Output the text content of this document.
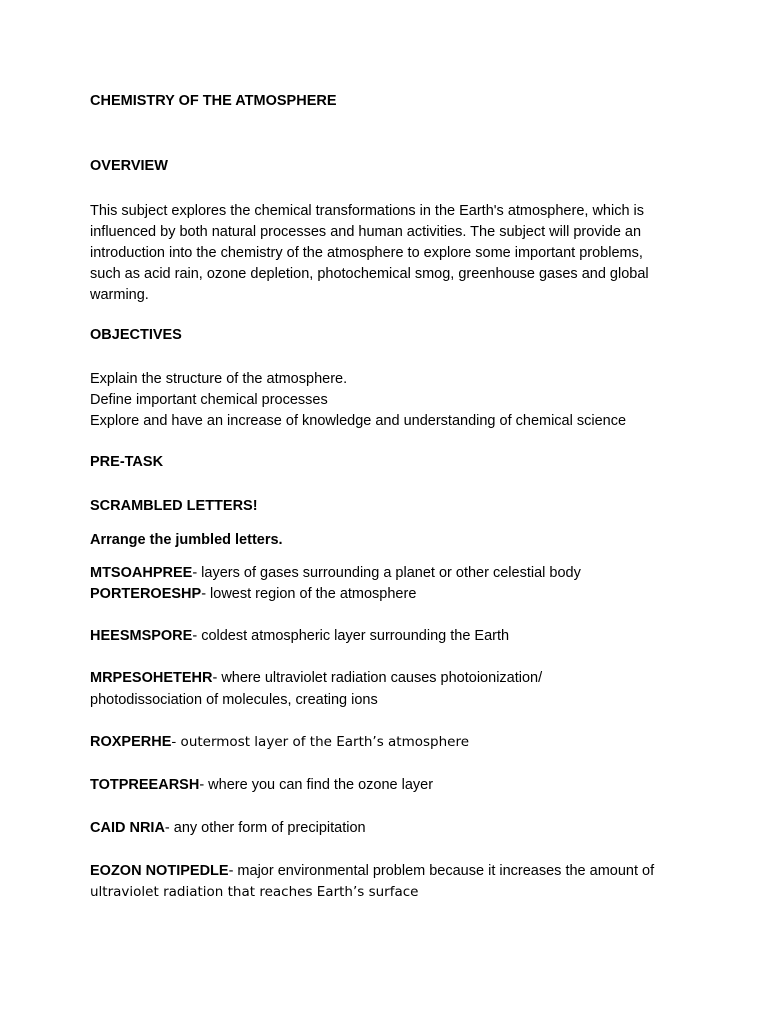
CHEMISTRY OF THE ATMOSPHERE
OVERVIEW
This subject explores the chemical transformations in the Earth's atmosphere, which is
influenced by both natural processes and human activities. The subject will provide an
introduction into the chemistry of the atmosphere to explore some important problems,
such as acid rain, ozone depletion, photochemical smog, greenhouse gases and global
warming.
OBJECTIVES
Explain the structure of the atmosphere.
Define important chemical processes
Explore and have an increase of knowledge and understanding of chemical science
PRE-TASK
SCRAMBLED LETTERS!
Arrange the jumbled letters.
MTSOAHPREE- layers of gases surrounding a planet or other celestial body
PORTEROESHP- lowest region of the atmosphere
HEESMSPORE- coldest atmospheric layer surrounding the Earth
MRPESOHETEHR- where ultraviolet radiation causes photoionization/
photodissociation of molecules, creating ions
ROXPERHE- outermost layer of the Earth’s atmosphere
TOTPREEARSH- where you can find the ozone layer
CAID NRIA- any other form of precipitation
EOZON NOTIPEDLE- major environmental problem because it increases the amount of
ultraviolet radiation that reaches Earth’s surface
